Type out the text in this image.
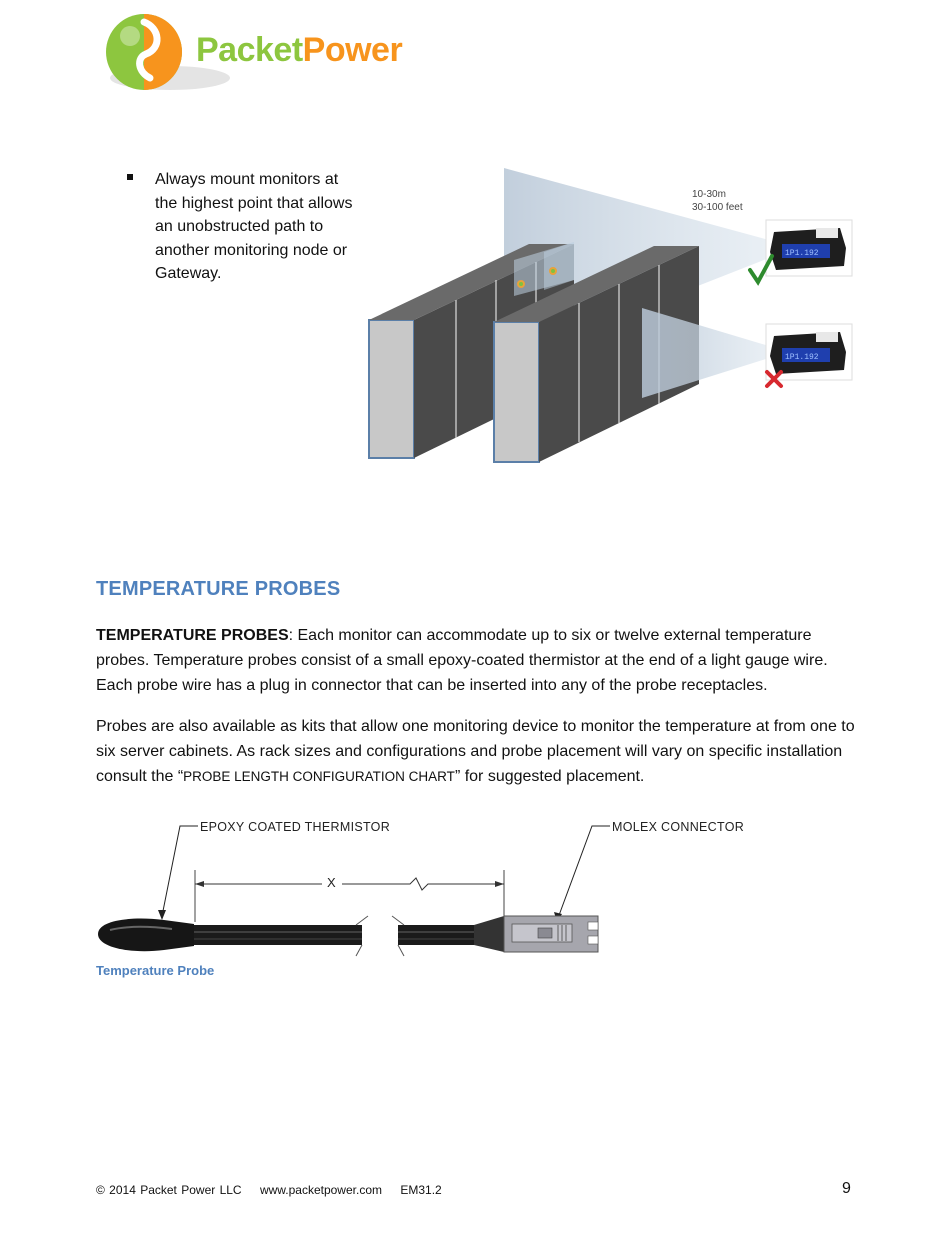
PacketPower
Always mount monitors at the highest point that allows an unobstructed path to another monitoring node or Gateway.
10-30m
30-100 feet
1P1.192
1P1.192
TEMPERATURE PROBES
TEMPERATURE PROBES: Each monitor can accommodate up to six or twelve external temperature probes. Temperature probes consist of a small epoxy-coated thermistor at the end of a light gauge wire. Each probe wire has a plug in connector that can be inserted into any of the probe receptacles.
Probes are also available as kits that allow one monitoring device to monitor the temperature at from one to six server cabinets. As rack sizes and configurations and probe placement will vary on specific installation consult the “PROBE LENGTH CONFIGURATION CHART” for suggested placement.
EPOXY COATED THERMISTOR	MOLEX CONNECTOR
X
Temperature Probe
© 2014 Packet Power LLC www.packetpower.com EM31.2	9
